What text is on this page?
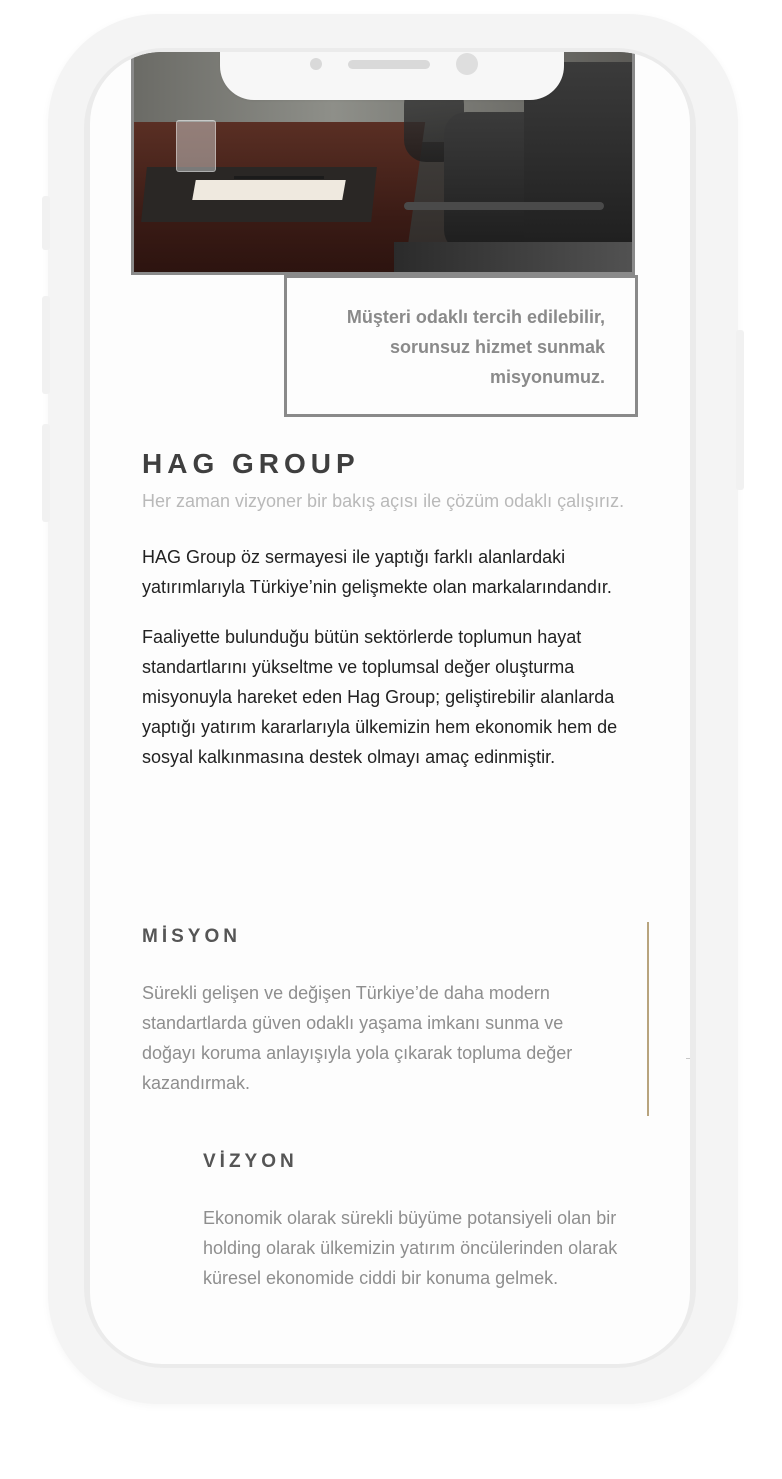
Müşteri odaklı tercih edilebilir,
sorunsuz hizmet sunmak
misyonumuz.
HAG GROUP

Her zaman vizyoner bir bakış açısı ile çözüm odaklı çalışırız.

HAG Group öz sermayesi ile yaptığı farklı alanlardaki yatırımlarıyla Türkiye’nin gelişmekte olan markalarındandır.

Faaliyette bulunduğu bütün sektörlerde toplumun hayat standartlarını yükseltme ve toplumsal değer oluşturma misyonuyla hareket eden Hag Group; geliştirebilir alanlarda yaptığı yatırım kararlarıyla ülkemizin hem ekonomik hem de sosyal kalkınmasına destek olmayı amaç edinmiştir.

MİSYON

Sürekli gelişen ve değişen Türkiye’de daha modern standartlarda güven odaklı yaşama imkanı sunma ve doğayı koruma anlayışıyla yola çıkarak topluma değer kazandırmak.

VİZYON

Ekonomik olarak sürekli büyüme potansiyeli olan bir holding olarak ülkemizin yatırım öncülerinden olarak küresel ekonomide ciddi bir konuma gelmek.
